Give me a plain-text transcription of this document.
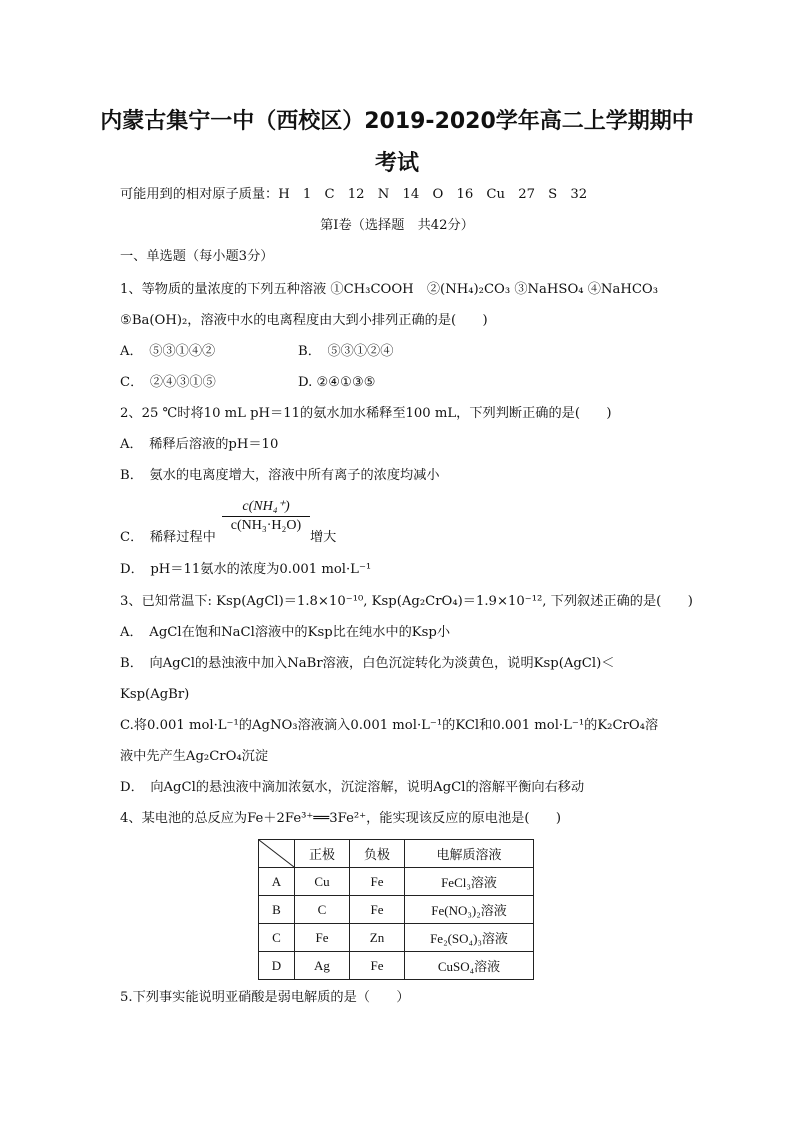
内蒙古集宁一中（西校区）2019-2020学年高二上学期期中
考试
可能用到的相对原子质量：H　1　C　12　N　14　O　16　Cu　27　S　32
第Ⅰ卷（选择题　共42分）
一、单选题（每小题3分）
1、等物质的量浓度的下列五种溶液 ①CH₃COOH　②(NH₄)₂CO₃ ③NaHSO₄ ④NaHCO₃
⑤Ba(OH)₂，溶液中水的电离程度由大到小排列正确的是(　　)
A．　⑤③①④②	B．　⑤③①②④
C．　②④③①⑤	D. ②④①③⑤
2、25 ℃时将10 mL pH＝11的氨水加水稀释至100 mL，下列判断正确的是(　　)
A．　稀释后溶液的pH＝10
B．　氨水的电离度增大，溶液中所有离子的浓度均减小
$\frac{\text{c(NH₄⁺)}}{\text{c(NH₃·H₂O)}}$
C．　稀释过程中	增大
D．　pH＝11氨水的浓度为0.001 mol·L⁻¹
3、已知常温下: Ksp(AgCl)＝1.8×10⁻¹⁰, Ksp(Ag₂CrO₄)＝1.9×10⁻¹², 下列叙述正确的是(　　)
A．　AgCl在饱和NaCl溶液中的Ksp比在纯水中的Ksp小
B．　向AgCl的悬浊液中加入NaBr溶液，白色沉淀转化为淡黄色，说明Ksp(AgCl)＜
Ksp(AgBr)
C.将0.001 mol·L⁻¹的AgNO₃溶液滴入0.001 mol·L⁻¹的KCl和0.001 mol·L⁻¹的K₂CrO₄溶
液中先产生Ag₂CrO₄沉淀
D．　向AgCl的悬浊液中滴加浓氨水，沉淀溶解，说明AgCl的溶解平衡向右移动
4、某电池的总反应为Fe＋2Fe³⁺══3Fe²⁺，能实现该反应的原电池是(　　)
	正极	负极	电解质溶液
A	Cu	Fe	FeCl₃溶液
B	C	Fe	Fe(NO₃)₂溶液
C	Fe	Zn	Fe₂(SO₄)₃溶液
D	Ag	Fe	CuSO₄溶液
5.下列事实能说明亚硝酸是弱电解质的是（　　）
